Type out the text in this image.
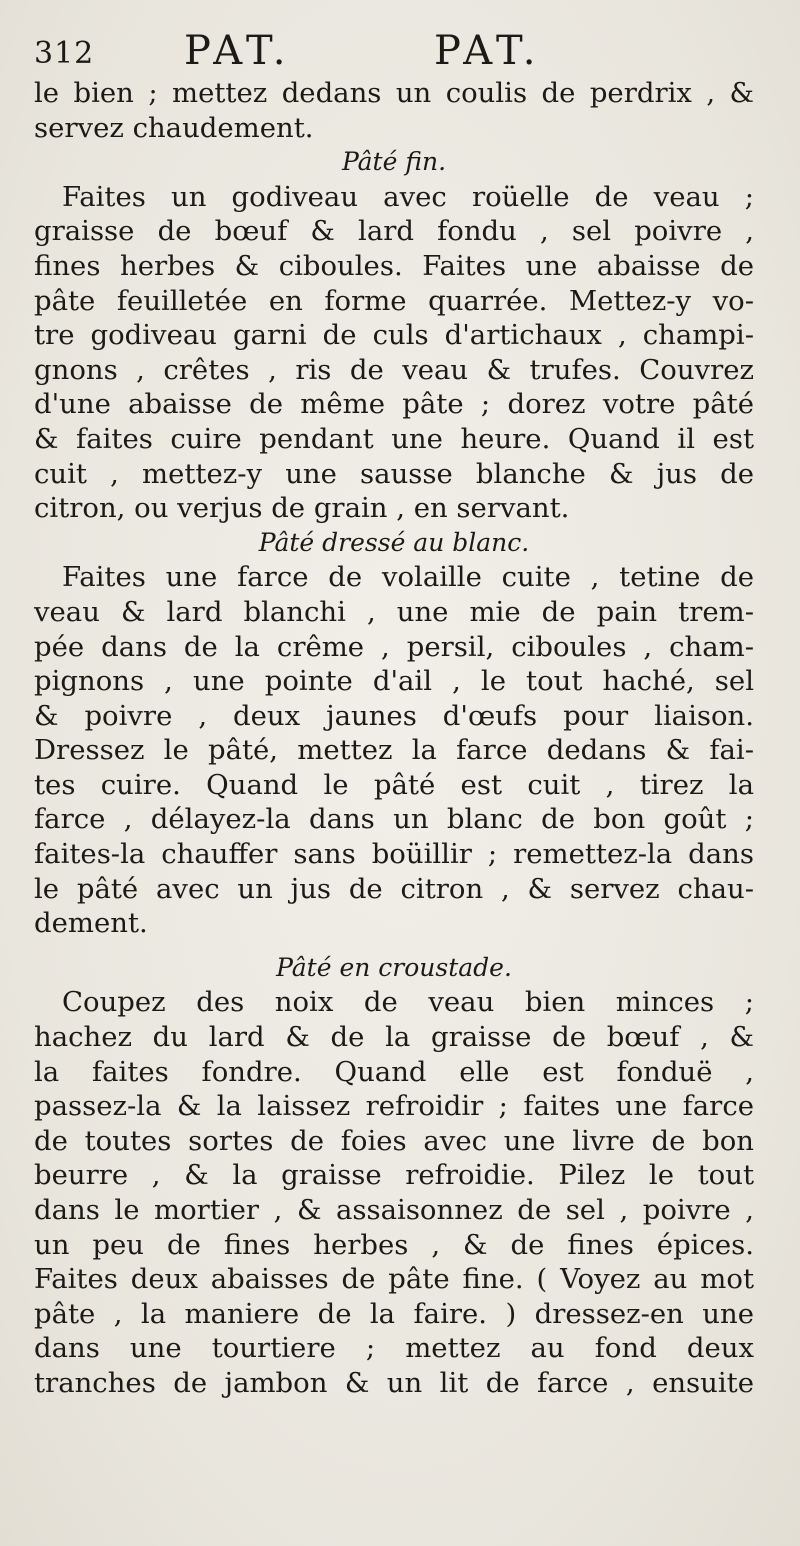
312 PAT.	PAT.
le bien ; mettez dedans un coulis de perdrix , &
servez chaudement.
Pâté fin.
Faites un godiveau avec roüelle de veau ;
graisse de bœuf & lard fondu , sel poivre ,
fines herbes & ciboules. Faites une abaisse de
pâte feuilletée en forme quarrée. Mettez-y vo-
tre godiveau garni de culs d'artichaux , champi-
gnons , crêtes , ris de veau & trufes. Couvrez
d'une abaisse de même pâte ; dorez votre pâté
& faites cuire pendant une heure. Quand il est
cuit , mettez-y une sausse blanche & jus de
citron, ou verjus de grain , en servant.
Pâté dressé au blanc.
Faites une farce de volaille cuite , tetine de
veau & lard blanchi , une mie de pain trem-
pée dans de la crême , persil, ciboules , cham-
pignons , une pointe d'ail , le tout haché, sel
& poivre , deux jaunes d'œufs pour liaison.
Dressez le pâté, mettez la farce dedans & fai-
tes cuire. Quand le pâté est cuit , tirez la
farce , délayez-la dans un blanc de bon goût ;
faites-la chauffer sans boüillir ; remettez-la dans
le pâté avec un jus de citron , & servez chau-
dement.
Pâté en croustade.
Coupez des noix de veau bien minces ;
hachez du lard & de la graisse de bœuf , &
la faites fondre. Quand elle est fonduë ,
passez-la & la laissez refroidir ; faites une farce
de toutes sortes de foies avec une livre de bon
beurre , & la graisse refroidie. Pilez le tout
dans le mortier , & assaisonnez de sel , poivre ,
un peu de fines herbes , & de fines épices.
Faites deux abaisses de pâte fine. ( Voyez au mot
pâte , la maniere de la faire. ) dressez-en une
dans une tourtiere ; mettez au fond deux
tranches de jambon & un lit de farce , ensuite
